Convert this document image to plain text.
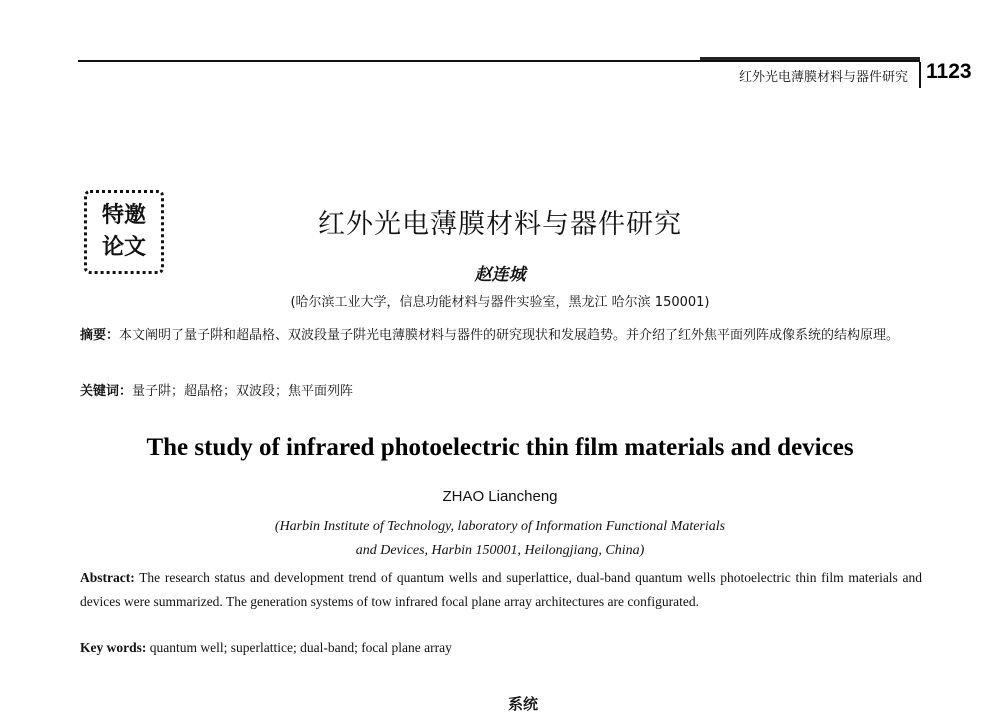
红外光电薄膜材料与器件研究 1123
特邀
论文
红外光电薄膜材料与器件研究
赵连城
(哈尔滨工业大学，信息功能材料与器件实验室，黑龙江 哈尔滨 150001)
摘要：本文阐明了量子阱和超晶格、双波段量子阱光电薄膜材料与器件的研究现状和发展趋势。并介绍了红外焦平面列阵成像系统的结构原理。
关键词：量子阱；超晶格；双波段；焦平面列阵
The study of infrared photoelectric thin film materials and devices
ZHAO Liancheng
(Harbin Institute of Technology, laboratory of Information Functional Materials
and Devices, Harbin 150001, Heilongjiang, China)
Abstract: The research status and development trend of quantum wells and superlattice, dual-band quantum wells photoelectric thin film materials and devices were summarized. The generation systems of tow infrared focal plane array architectures are configurated.
Key words: quantum well; superlattice; dual-band; focal plane array
系统
